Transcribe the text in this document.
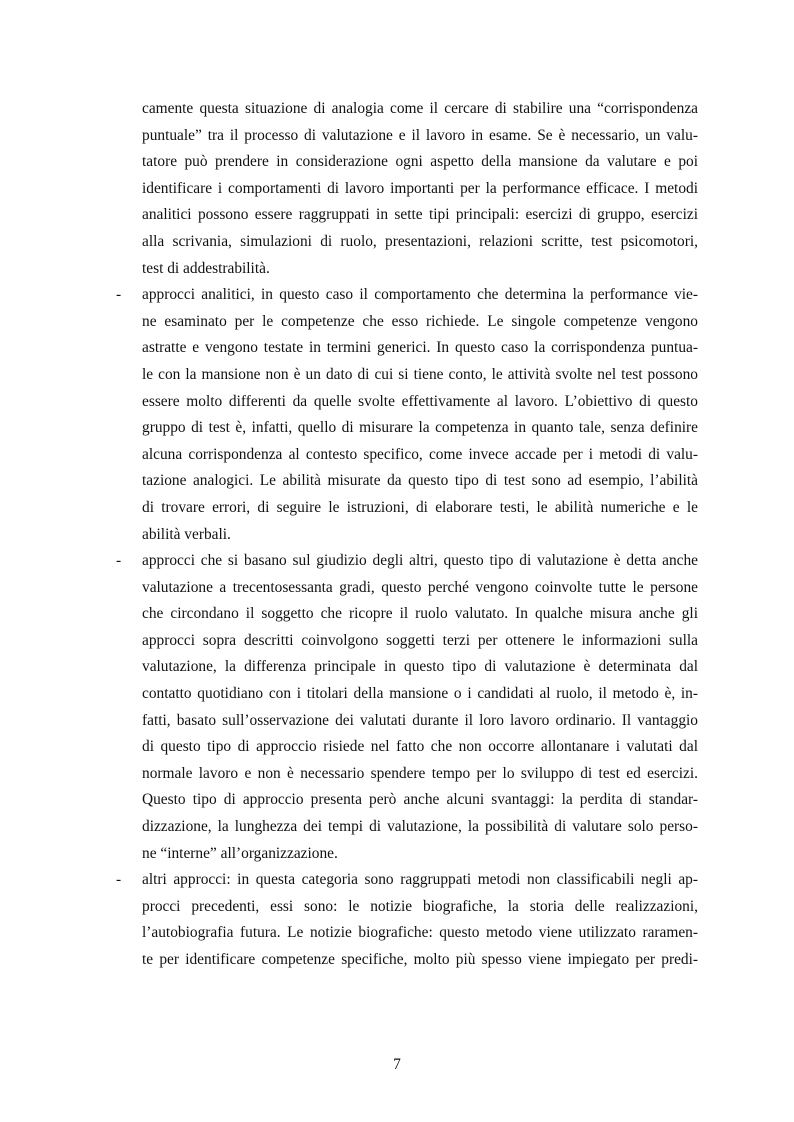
camente questa situazione di analogia come il cercare di stabilire una “corrispondenza
puntuale” tra il processo di valutazione e il lavoro in esame. Se è necessario, un valu-
tatore può prendere in considerazione ogni aspetto della mansione da valutare e poi
identificare i comportamenti di lavoro importanti per la performance efficace. I metodi
analitici possono essere raggruppati in sette tipi principali: esercizi di gruppo, esercizi
alla scrivania, simulazioni di ruolo, presentazioni, relazioni scritte, test psicomotori,
test di addestrabilità.
- approcci analitici, in questo caso il comportamento che determina la performance vie-
ne esaminato per le competenze che esso richiede. Le singole competenze vengono
astratte e vengono testate in termini generici. In questo caso la corrispondenza puntua-
le con la mansione non è un dato di cui si tiene conto, le attività svolte nel test possono
essere molto differenti da quelle svolte effettivamente al lavoro. L’obiettivo di questo
gruppo di test è, infatti, quello di misurare la competenza in quanto tale, senza definire
alcuna corrispondenza al contesto specifico, come invece accade per i metodi di valu-
tazione analogici. Le abilità misurate da questo tipo di test sono ad esempio, l’abilità
di trovare errori, di seguire le istruzioni, di elaborare testi, le abilità numeriche e le
abilità verbali.
- approcci che si basano sul giudizio degli altri, questo tipo di valutazione è detta anche
valutazione a trecentosessanta gradi, questo perché vengono coinvolte tutte le persone
che circondano il soggetto che ricopre il ruolo valutato. In qualche misura anche gli
approcci sopra descritti coinvolgono soggetti terzi per ottenere le informazioni sulla
valutazione, la differenza principale in questo tipo di valutazione è determinata dal
contatto quotidiano con i titolari della mansione o i candidati al ruolo, il metodo è, in-
fatti, basato sull’osservazione dei valutati durante il loro lavoro ordinario. Il vantaggio
di questo tipo di approccio risiede nel fatto che non occorre allontanare i valutati dal
normale lavoro e non è necessario spendere tempo per lo sviluppo di test ed esercizi.
Questo tipo di approccio presenta però anche alcuni svantaggi: la perdita di standar-
dizzazione, la lunghezza dei tempi di valutazione, la possibilità di valutare solo perso-
ne “interne” all’organizzazione.
- altri approcci: in questa categoria sono raggruppati metodi non classificabili negli ap-
procci precedenti, essi sono: le notizie biografiche, la storia delle realizzazioni,
l’autobiografia futura. Le notizie biografiche: questo metodo viene utilizzato raramen-
te per identificare competenze specifiche, molto più spesso viene impiegato per predi-
7
